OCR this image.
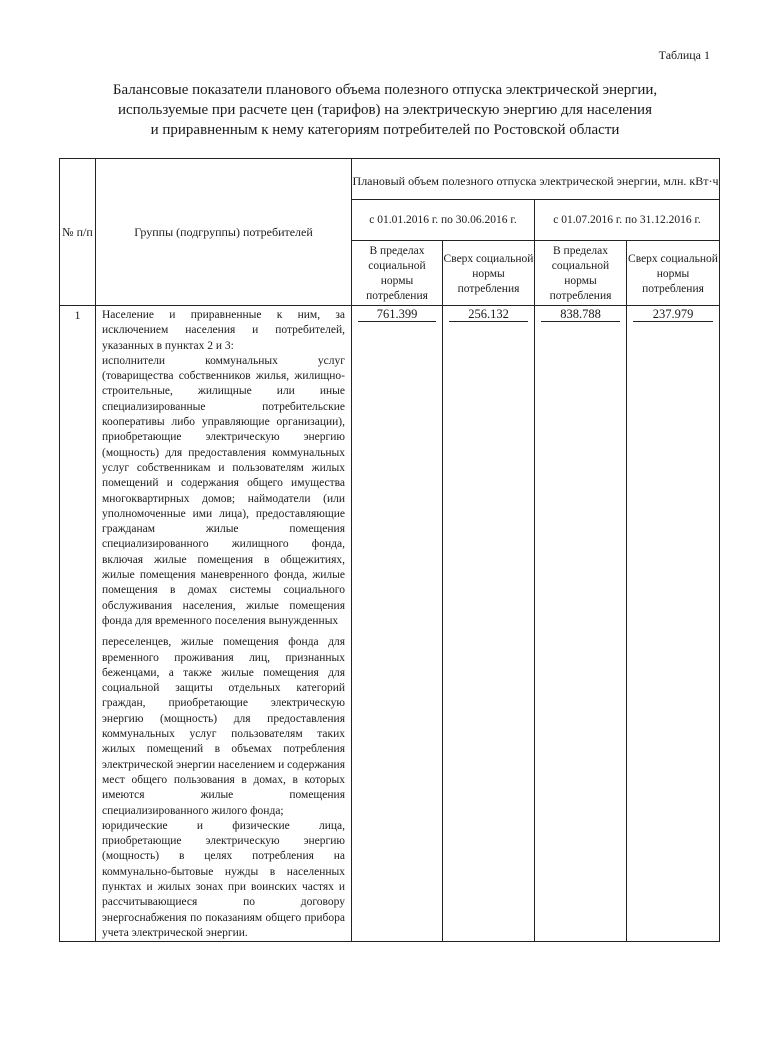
Таблица 1
Балансовые показатели планового объема полезного отпуска электрической энергии,
используемые при расчете цен (тарифов) на электрическую энергию для населения
и приравненным к нему категориям потребителей по Ростовской области
№ п/п	Группы (подгруппы) потребителей	Плановый объем полезного отпуска электрической энергии, млн. кВт·ч			
		с 01.01.2016 г. по 30.06.2016 г.		с 01.07.2016 г. по 31.12.2016 г.	
		В пределах социальной нормы потребления	Сверх социальной нормы потребления	В пределах социальной нормы потребления	Сверх социальной нормы потребления
1	Население и приравненные к ним, за исключением населения и потребителей, указанных в пунктах 2 и 3:

исполнители коммунальных услуг (товарищества собственников жилья, жилищно-строительные, жилищные или иные специализированные потребительские кооперативы либо управляющие организации), приобретающие электрическую энергию (мощность) для предоставления коммунальных услуг собственникам и пользователям жилых помещений и содержания общего имущества многоквартирных домов; наймодатели (или уполномоченные ими лица), предоставляющие гражданам жилые помещения специализированного жилищного фонда, включая жилые помещения в общежитиях, жилые помещения маневренного фонда, жилые помещения в домах системы социального обслуживания населения, жилые помещения фонда для временного поселения вынужденных

переселенцев, жилые помещения фонда для временного проживания лиц, признанных беженцами, а также жилые помещения для социальной защиты отдельных категорий граждан, приобретающие электрическую энергию (мощность) для предоставления коммунальных услуг пользователям таких жилых помещений в объемах потребления электрической энергии населением и содержания мест общего пользования в домах, в которых имеются жилые помещения специализированного жилого фонда;

юридические и физические лица, приобретающие электрическую энергию (мощность) в целях потребления на коммунально-бытовые нужды в населенных пунктах и жилых зонах при воинских частях и рассчитывающиеся по договору энергоснабжения по показаниям общего прибора учета электрической энергии.	761.399	256.132	838.788	237.979
